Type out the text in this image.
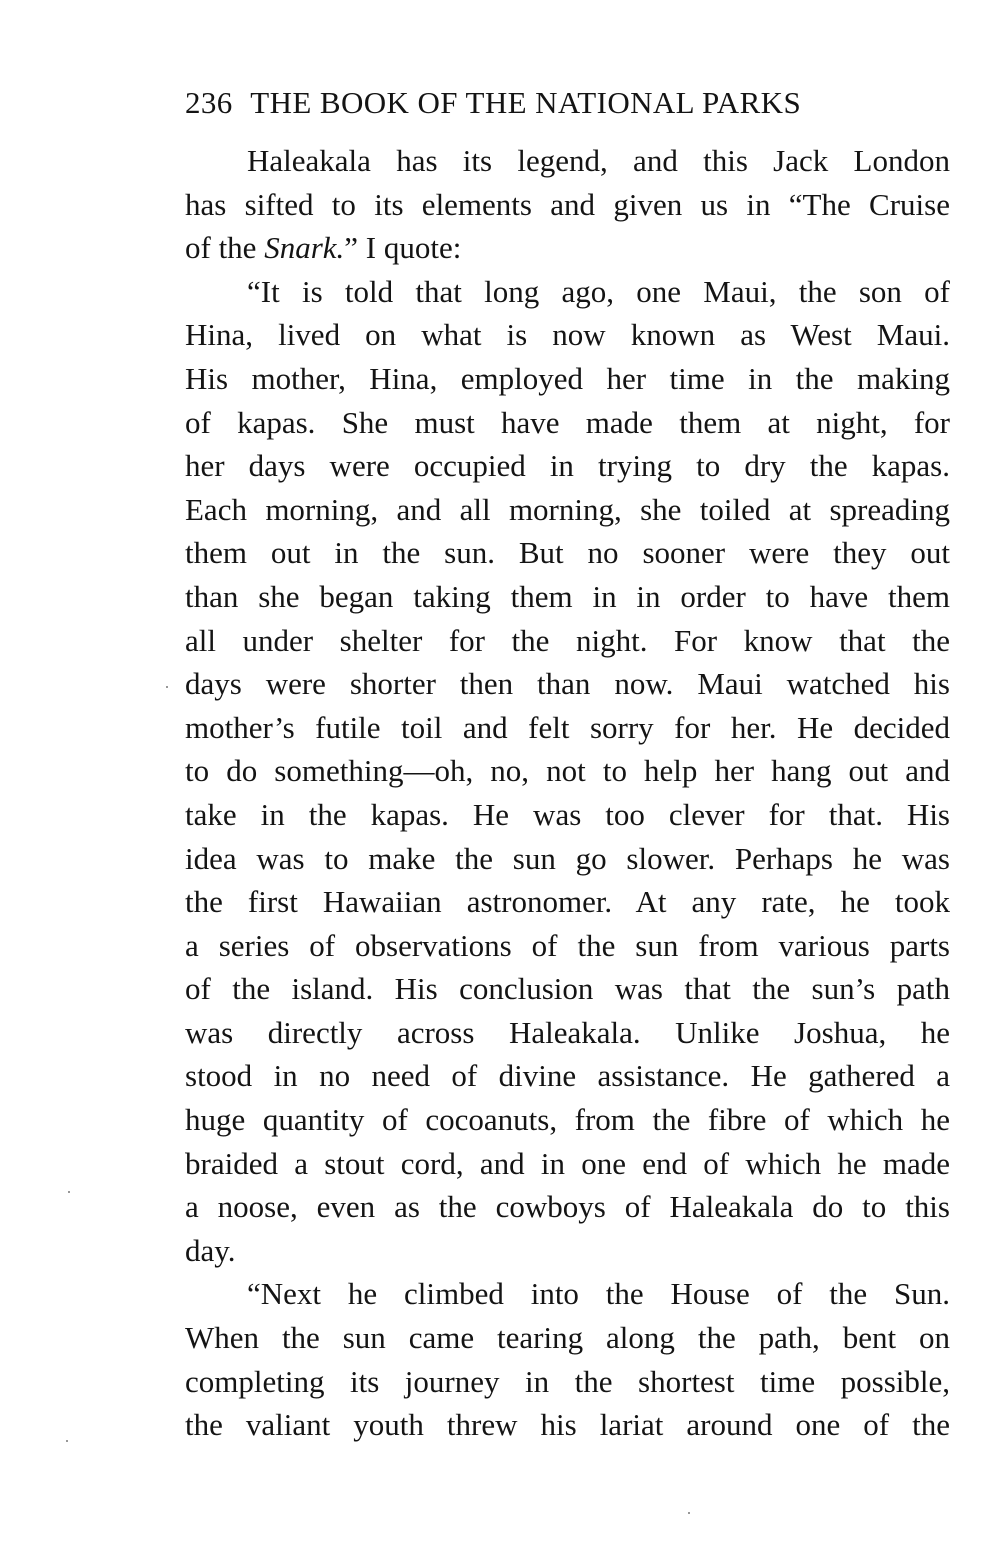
236 THE BOOK OF THE NATIONAL PARKS
Haleakala has its legend, and this Jack London
has sifted to its elements and given us in “The Cruise
of the Snark.” I quote:
“It is told that long ago, one Maui, the son of
Hina, lived on what is now known as West Maui.
His mother, Hina, employed her time in the making
of kapas. She must have made them at night, for
her days were occupied in trying to dry the kapas.
Each morning, and all morning, she toiled at spreading
them out in the sun. But no sooner were they out
than she began taking them in in order to have them
all under shelter for the night. For know that the
days were shorter then than now. Maui watched his
mother’s futile toil and felt sorry for her. He decided
to do something—oh, no, not to help her hang out and
take in the kapas. He was too clever for that. His
idea was to make the sun go slower. Perhaps he was
the first Hawaiian astronomer. At any rate, he took
a series of observations of the sun from various parts
of the island. His conclusion was that the sun’s path
was directly across Haleakala. Unlike Joshua, he
stood in no need of divine assistance. He gathered a
huge quantity of cocoanuts, from the fibre of which he
braided a stout cord, and in one end of which he made
a noose, even as the cowboys of Haleakala do to this
day.
“Next he climbed into the House of the Sun.
When the sun came tearing along the path, bent on
completing its journey in the shortest time possible,
the valiant youth threw his lariat around one of the
